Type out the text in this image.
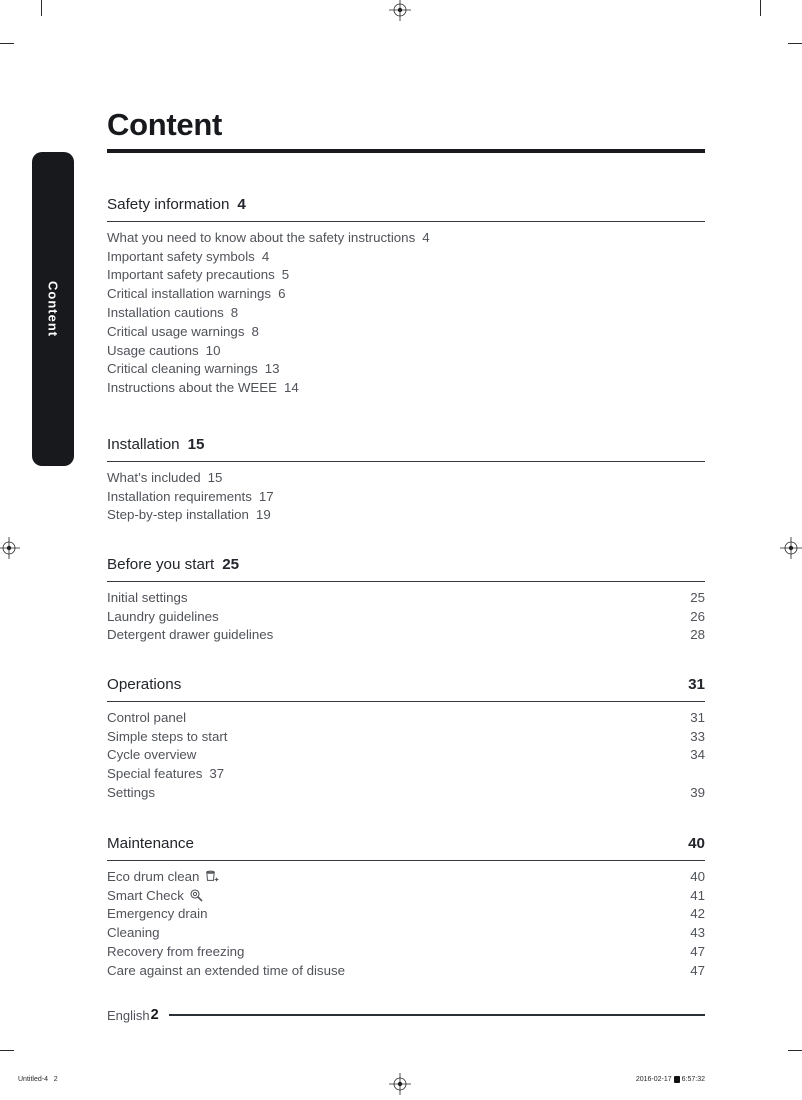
Content
Content
Safety information 4
What you need to know about the safety instructions 4
Important safety symbols 4
Important safety precautions 5
Critical installation warnings 6
Installation cautions 8
Critical usage warnings 8
Usage cautions 10
Critical cleaning warnings 13
Instructions about the WEEE 14
Installation 15
What’s included 15
Installation requirements 17
Step-by-step installation 19
Before you start 25
Initial settings	25
Laundry guidelines	26
Detergent drawer guidelines	28
Operations	31
Control panel	31
Simple steps to start	33
Cycle overview	34
Special features 37
Settings	39
Maintenance	40
Eco drum clean	40
Smart Check	41
Emergency drain	42
Cleaning	43
Recovery from freezing	47
Care against an extended time of disuse	47
English 2
Untitled-4   2	2016-02-17 6:57:32
